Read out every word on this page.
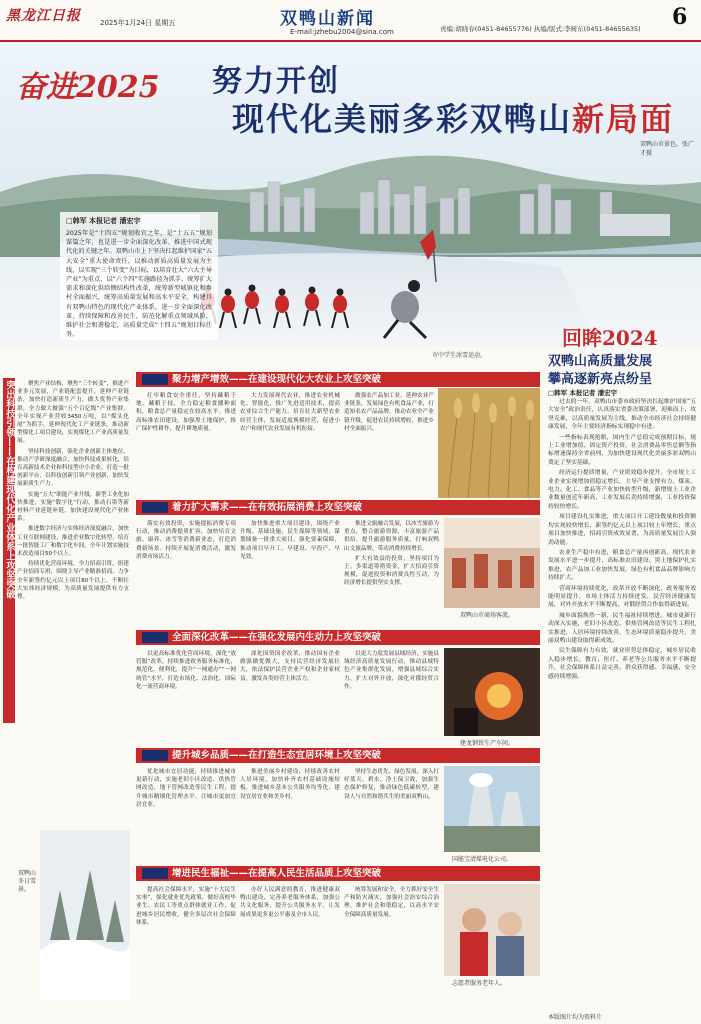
黑龙江日报	2025年1月24日 星期五	双鸭山新闻
E-mail:jzhebu2004@sina.com	责编:胡晓春(0451-84655776) 执编/版式:李树东(0451-84655635) 6
奋进2025 努力开创
现代化美丽多彩双鸭山新局面
双鸭山市景色。张广才摄
市中学生冰雪运动。
□韩军 本报记者 潘宏宇
2025年是“十四五”规划收官之年，是“十五五”规划谋篇之年，也是进一步全面深化改革、推进中国式现代化的关键之年。双鸭山市上下坚决扛起维护国家“五大安全”重大使命责任，以推动新质高质量发展为主线，以实现“三个转变”为目标，以培育壮大“六大主导产业”为重点，以“六个四”实施路径为抓手，统筹扩大需求和深化供给侧结构性改革，统筹新型城镇化和乡村全面振兴，统筹高质量发展和高水平安全，构建具有双鸭山特色的现代化产业体系，进一步全面深化改革，持续保障和改善民生，防范化解重点领域风险，维护社会和谐稳定，高质量完成“十四五”规划目标任务。	回眸2024
双鸭山高质量发展
攀高逐新亮点纷呈
□韩军 本报记者 潘宏宇

过去的一年，双鸭山市委市政府坚决扛起维护国家“五大安全”政治责任，认真落实省委决策部署，迎难而上、攻坚克难，以高质量发展为主线，推动全市经济社会持续健康发展，全年主要经济指标实现稳中有进。

一些指标表现抢眼，国内生产总值完成预期目标，规上工业增加值、固定资产投资、社会消费品零售总额等指标增速保持全省前列，为加快建设现代化美丽多彩双鸭山奠定了坚实基础。

经济运行提质增量，产业质效稳步提升。全市规上工业企业实现增加值稳定增长，主导产业支撑有力，煤炭、电力、化工、食品等产业加快转型升级，新增规上工业企业数量创近年新高，工业发展后劲持续增强，工业投资保持较快增长。

项目建设扎实推进，重大项目开工建设数量和投资额均实现较快增长，新签约亿元以上项目较上年增长，重点项目加快推进，招商引资成效显著，为高质量发展注入强劲动能。

农业生产稳中有进，粮食总产量再创新高，现代农业发展水平进一步提升，高标准农田建设、黑土地保护扎实推进，农产品加工业加快发展，绿色有机食品品牌影响力持续扩大。

营商环境持续优化，改革开放不断深化，政务服务效能明显提升，市场主体活力持续迸发，民营经济健康发展，对外开放水平不断提高，对俄经贸合作取得新进展。

城乡面貌焕然一新，民生福祉持续增进。城市更新行动深入实施，老旧小区改造、供热管网改造等民生工程扎实推进，人居环境持续改善，生态环境质量稳步提升，美丽双鸭山建设取得新成效。

民生保障有力有效，就业形势总体稳定，城乡居民收入稳步增长，教育、医疗、养老等公共服务水平不断提升，社会保障体系日益完善，群众获得感、幸福感、安全感持续增强。

本版图片均为资料片
突出科技引领——在构建现代化产业体系上攻坚突破	聚焦产业结构，聚焦“三个转变”，推进产业多元发展，产业链配套提升，延伸产业链条，加快打造新质生产力。做大优势产业集群，全力做大做强“五个百亿级”产业集群。全年实现产业营收3450万吨，以“煤头化尾”为抓手，延伸现代化工产业链条，推动新型煤化工项目建设，实现煤化工产业高质量发展。

坚持科技创新，强化企业创新主体地位，推动产学研深度融合，加快科技成果转化，培育高新技术企业和科技型中小企业，打造一批创新平台，以科技创新引领产业创新，加快发展新质生产力。

实施“五大”职能产业升级，新型工业化加快推进，实施“数字化”行动，推动石墨等新材料产业延链补链，加快建设现代化产业体系。

推进数字经济与实体经济深度融合，加快工业互联网建设，推进企业数字化转型，培育一批智能工厂和数字化车间，全年计划实施技术改造项目50个以上。

持续优化营商环境，全力招商引资，组建产业招商专班，围绕主导产业精准招商，力争全年新签约亿元以上项目80个以上，不断壮大实体经济规模，为高质量发展提供有力支撑。

双鸭山冬日雪景。
聚力增产增效——在建设现代化大农业上攻坚突破

扛牢粮食安全重任，坚持藏粮于地、藏粮于技，全力稳定粮食播种面积，粮食总产量稳定在较高水平。推进高标准农田建设，加强黑土地保护，推广保护性耕作，提升耕地质量。

大力发展现代农业，推进农业机械化、智能化，推广先进适用技术，提高农业综合生产能力。培育壮大新型农业经营主体，发展适度规模经营，促进小农户和现代农业发展有机衔接。

做强农产品加工业，延伸农业产业链条，发展绿色有机食品产业，打造知名农产品品牌，推动农业全产业链升级，促进农民持续增收，推进乡村全面振兴。

着力扩大需求——在有效拓展消费上攻坚突破

落实有效投资，实施提振消费专项行动，推动消费提质扩容，加快培育文旅、康养、冰雪等消费新业态，打造消费新场景。持续开展促消费活动，激发消费市场活力。

加快推进重大项目建设，围绕产业升级、基础设施、民生保障等领域，谋划储备一批重大项目，强化要素保障，推动项目早开工、早建设、早投产、早见效。

推进文旅融合发展，以冰雪旅游为重点，整合旅游资源，丰富旅游产品供给，提升旅游服务质量，打响双鸭山文旅品牌，带动消费持续增长。

扩大有效益的投资，坚持项目为王，多渠道筹措资金，扩大招商引资规模，促进投资和消费良性互动，为经济增长提供坚实支撑。

双鸭山市商场客流。
全面深化改革——在强化发展内生动力上攻坚突破

以更高标准优化营商环境，深化“放管服”改革，持续推进政务服务标准化、规范化、便利化，提升“一网通办”“一网统管”水平，打造市场化、法治化、国际化一流营商环境。

深化国资国企改革，推动国有企业做强做优做大，支持民营经济发展壮大，依法保护民营企业产权和企业家权益，激发各类经营主体活力。

以更大力度发展县域经济，实施县域经济高质量发展行动，推动县域特色产业集群化发展，增强县域综合实力，扩大对外开放，深化对俄经贸合作。

建龙钢铁生产车间。
提升城乡品质——在打造生态宜居环境上攻坚突破

优化城市宜居功能，持续推进城市更新行动，实施老旧小区改造、供热管网改造、地下管网改造等民生工程，提升城市精细化管理水平，让城市更加宜居宜业。

推进美丽乡村建设，持续改善农村人居环境，加快补齐农村基础设施短板，推进城乡基本公共服务均等化，建设宜居宜业和美乡村。

坚持生态优先、绿色发展，深入打好蓝天、碧水、净土保卫战，加强生态保护修复，推动绿色低碳转型，建设人与自然和谐共生的美丽双鸭山。

国能宝清煤电化公司。
增进民生福祉——在提高人民生活品质上攻坚突破

提高社会保障水平，实施“十大民生实事”，强化就业优先政策，做好高校毕业生、农民工等重点群体就业工作，促进城乡居民增收，健全多层次社会保障体系。

办好人民满意的教育，推进健康双鸭山建设，完善养老服务体系，加强公共文化服务，提升公共服务水平，让发展成果更多更公平惠及全市人民。

统筹发展和安全，全力抓好安全生产和防灾减灾，加强社会治安综合治理，维护社会和谐稳定，以高水平安全保障高质量发展。

志愿者服务老年人。
